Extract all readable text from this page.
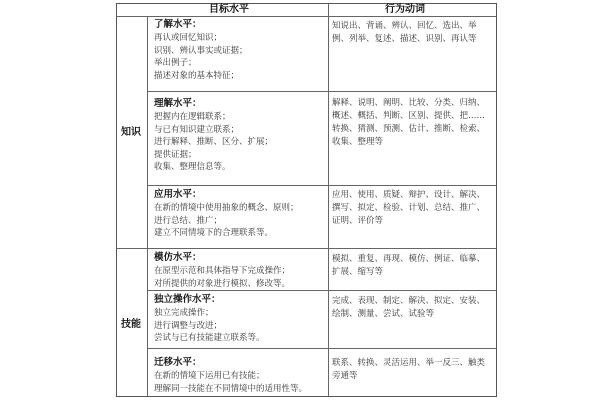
目标水平	行为动词
知识
技能
了解水平：
再认或回忆知识；
识别、辨认事实或证据；
举出例子；
描述对象的基本特征；
知说出、背诵、辨认、回忆、选出、举例、列举、复述、描述、识别、再认等
理解水平：
把握内在逻辑联系；
与已有知识建立联系；
进行解释、推断、区分、扩展；
提供证据；
收集、整理信息等。
解释、说明、阐明、比较、分类、归纳、概述、概括、判断、区别、提供、把……转换、猜测、预测、估计、推断、检索、收集、整理等
应用水平：
在新的情境中使用抽象的概念、原则；
进行总结、推广；
建立不同情境下的合理联系等。
应用、使用、质疑、辩护、设计、解决、撰写、拟定、检验、计划、总结、推广、证明、评价等
模仿水平：
在原型示范和具体指导下完成操作；
对所提供的对象进行模拟、修改等。
模拟、重复、再现、模仿、例证、临摹、扩展、缩写等
独立操作水平：
独立完成操作；
进行调整与改进；
尝试与已有技能建立联系等。
完成、表现、制定、解决、拟定、安装、绘制、测量、尝试、试验等
迁移水平：
在新的情境下运用已有技能；
理解同一技能在不同情境中的适用性等。
联系、转换、灵活运用、举一反三、触类旁通等
